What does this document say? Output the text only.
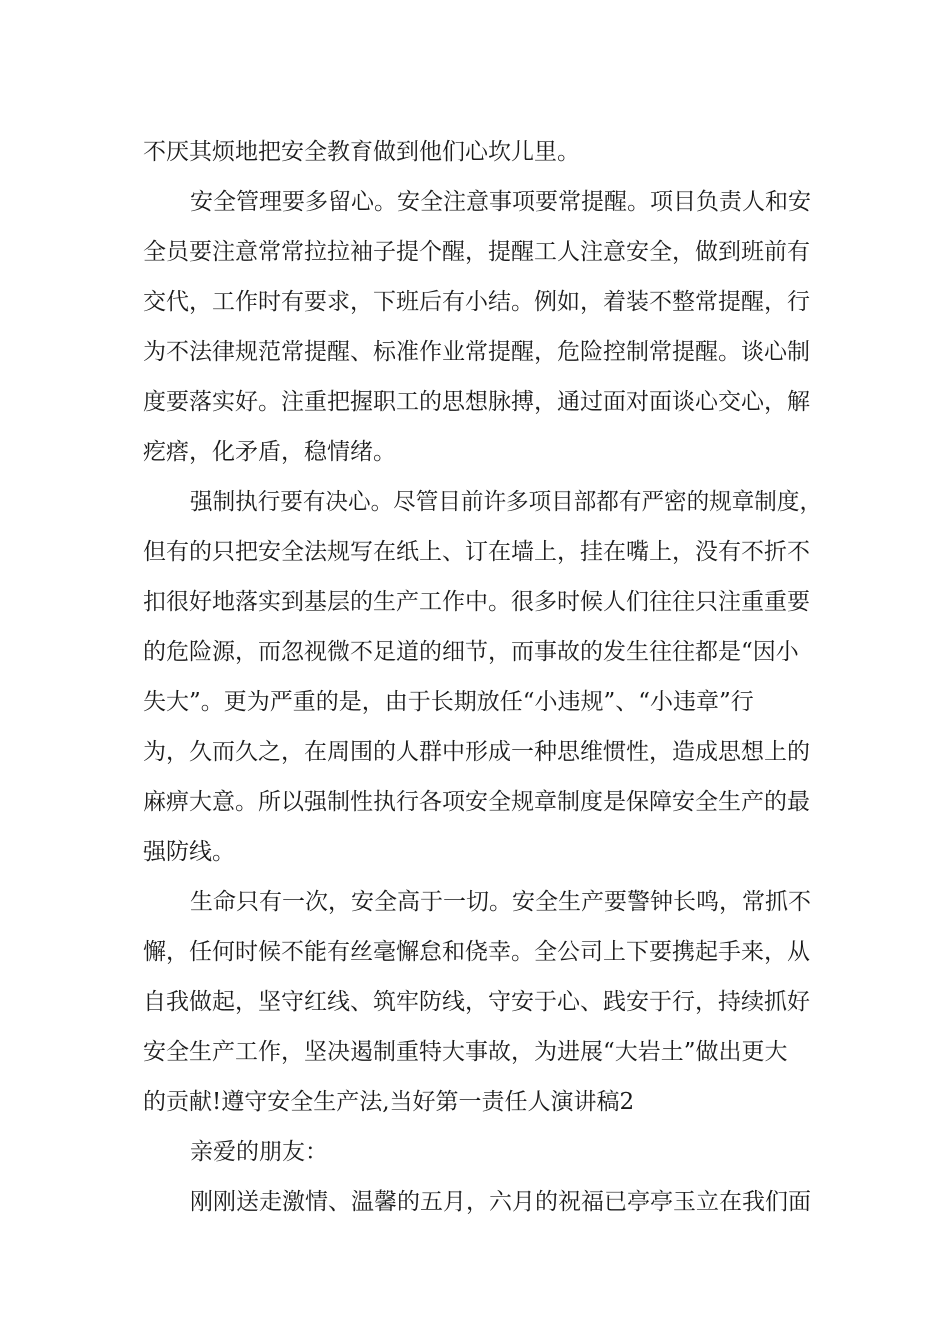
不厌其烦地把安全教育做到他们心坎儿里。
安全管理要多留心。安全注意事项要常提醒。项目负责人和安
全员要注意常常拉拉袖子提个醒，提醒工人注意安全，做到班前有
交代，工作时有要求，下班后有小结。例如，着装不整常提醒，行
为不法律规范常提醒、标准作业常提醒，危险控制常提醒。谈心制
度要落实好。注重把握职工的思想脉搏，通过面对面谈心交心，解
疙瘩，化矛盾，稳情绪。
强制执行要有决心。尽管目前许多项目部都有严密的规章制度，
但有的只把安全法规写在纸上、订在墙上，挂在嘴上，没有不折不
扣很好地落实到基层的生产工作中。很多时候人们往往只注重重要
的危险源，而忽视微不足道的细节，而事故的发生往往都是“因小
失大”。更为严重的是，由于长期放任“小违规”、“小违章”行
为，久而久之，在周围的人群中形成一种思维惯性，造成思想上的
麻痹大意。所以强制性执行各项安全规章制度是保障安全生产的最
强防线。
生命只有一次，安全高于一切。安全生产要警钟长鸣，常抓不
懈，任何时候不能有丝毫懈怠和侥幸。全公司上下要携起手来，从
自我做起，坚守红线、筑牢防线，守安于心、践安于行，持续抓好
安全生产工作，坚决遏制重特大事故，为进展“大岩土”做出更大
的贡献!遵守安全生产法,当好第一责任人演讲稿2
亲爱的朋友：
刚刚送走激情、温馨的五月，六月的祝福已亭亭玉立在我们面
